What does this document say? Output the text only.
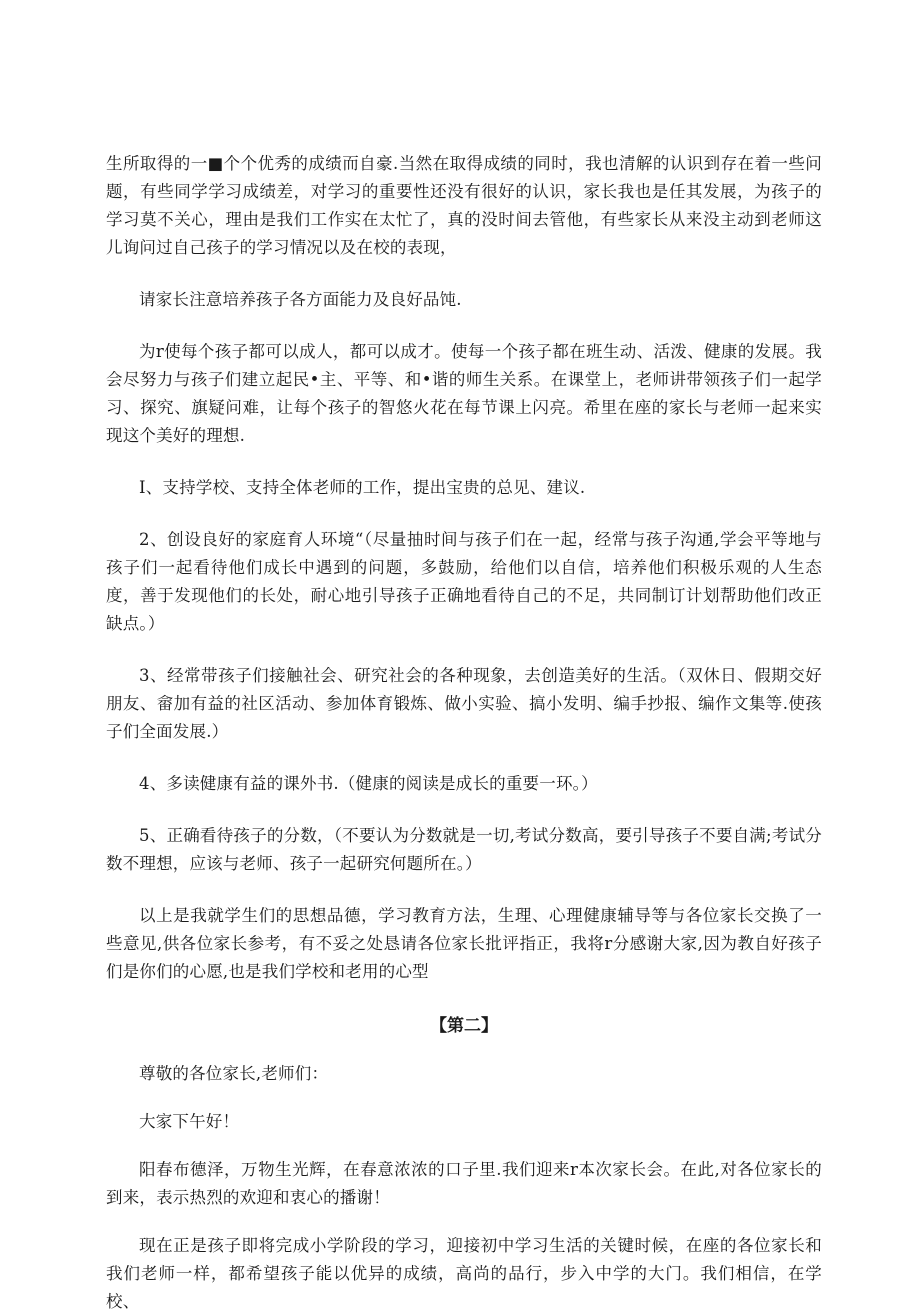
生所取得的一■个个优秀的成绩而自豪.当然在取得成绩的同时，我也清解的认识到存在着一些问题，有些同学学习成绩差，对学习的重要性还没有很好的认识，家长我也是任其发展，为孩子的学习莫不关心，理由是我们工作实在太忙了，真的没时间去管他，有些家长从来没主动到老师这儿询问过自己孩子的学习情况以及在校的表现，

请家长注意培养孩子各方面能力及良好品饨.

为r使每个孩子都可以成人，都可以成才。使每一个孩子都在班生动、活泼、健康的发展。我会尽努力与孩子们建立起民•主、平等、和•谐的师生关系。在课堂上，老师讲带领孩子们一起学习、探究、旗疑问难，让每个孩子的智悠火花在每节课上闪亮。希里在座的家长与老师一起来实现这个美好的理想.

I、支持学校、支持全体老师的工作，提出宝贵的总见、建议.

2、创设良好的家庭育人环境“（尽量抽时间与孩子们在一起，经常与孩子沟通,学会平等地与孩子们一起看待他们成长中遇到的问题，多鼓励，给他们以自信，培养他们积极乐观的人生态度，善于发现他们的长处，耐心地引导孩子正确地看待自己的不足，共同制订计划帮助他们改正缺点。）

3、经常带孩子们接触社会、研究社会的各种现象，去创造美好的生活。（双休日、假期交好朋友、畲加有益的社区活动、参加体育锻炼、做小实验、搞小发明、编手抄报、编作文集等.使孩子们全面发展.）

4、多读健康有益的课外书.（健康的阅读是成长的重要一环。）

5、正确看待孩子的分数，（不要认为分数就是一切,考试分数高，要引导孩子不要自满;考试分数不理想，应该与老师、孩子一起研究何题所在。）

以上是我就学生们的思想品德，学习教育方法，生理、心理健康辅导等与各位家长交换了一些意见,供各位家长参考，有不妥之处恳请各位家长批评指正，我将r分感谢大家,因为教自好孩子们是你们的心愿,也是我们学校和老用的心型

【第二】

尊敬的各位家长,老师们：

大家下午好！

阳春布德泽，万物生光辉，在春意浓浓的口子里.我们迎来r本次家长会。在此,对各位家长的到来，表示热烈的欢迎和衷心的播谢！

现在正是孩子即将完成小学阶段的学习，迎接初中学习生活的关键时候，在座的各位家长和我们老师一样，都希望孩子能以优异的成绩，高尚的品行，步入中学的大门。我们相信，在学校、
